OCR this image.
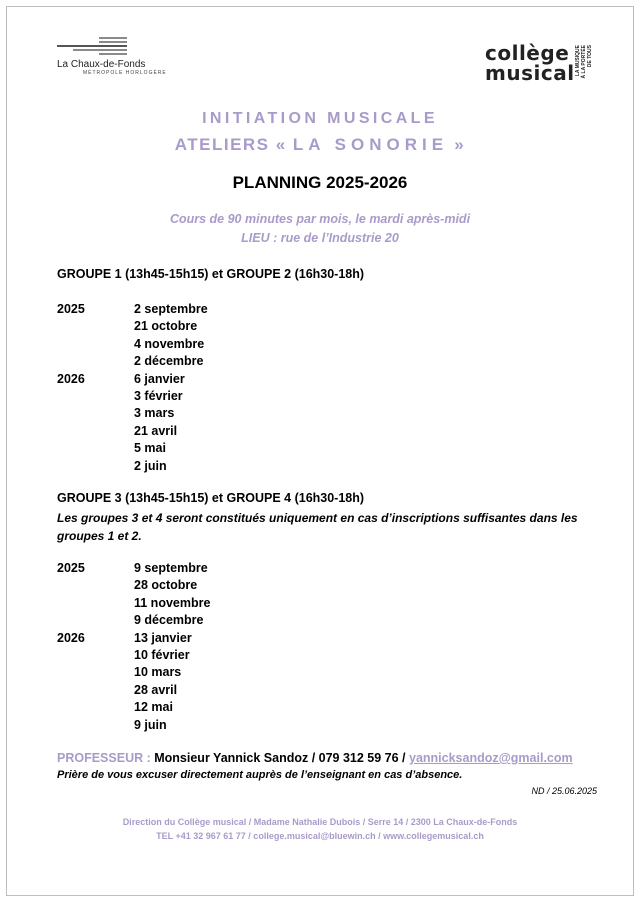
La Chaux-de-Fonds
MÉTROPOLE HORLOGÈRE
collège
musical LA MUSIQUE À LA PORTÉE DE TOUS
INITIATION MUSICALE
ATELIERS « LA SONORIE »
PLANNING 2025-2026
Cours de 90 minutes par mois, le mardi après-midi
LIEU : rue de l’Industrie 20
GROUPE 1 (13h45-15h15) et GROUPE 2 (16h30-18h)
2025	2 septembre
21 octobre
4 novembre
2 décembre
2026	6 janvier
3 février
3 mars
21 avril
5 mai
2 juin
GROUPE 3 (13h45-15h15) et GROUPE 4 (16h30-18h)
Les groupes 3 et 4 seront constitués uniquement en cas d’inscriptions suffisantes dans les groupes 1 et 2.
2025	9 septembre
28 octobre
11 novembre
9 décembre
2026	13 janvier
10 février
10 mars
28 avril
12 mai
9 juin
PROFESSEUR : Monsieur Yannick Sandoz / 079 312 59 76 / yannicksandoz@gmail.com
Prière de vous excuser directement auprès de l’enseignant en cas d’absence.
ND / 25.06.2025
Direction du Collège musical / Madame Nathalie Dubois / Serre 14 / 2300 La Chaux-de-Fonds
TEL +41 32 967 61 77 / college.musical@bluewin.ch / www.collegemusical.ch
